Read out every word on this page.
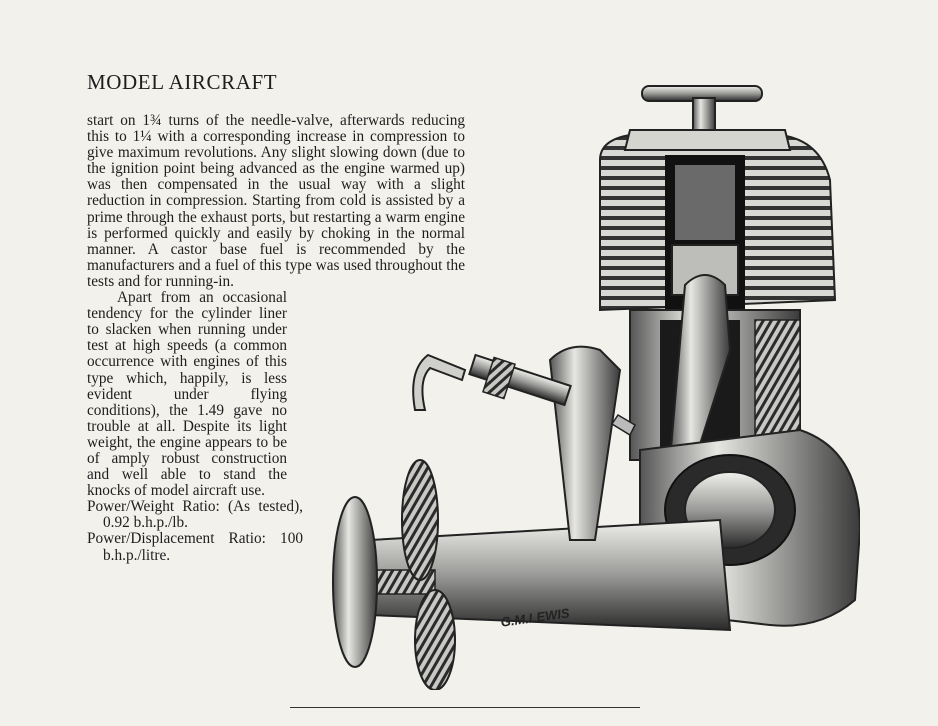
MODEL AIRCRAFT

start on 1¾ turns of the needle-valve, afterwards reducing this to 1¼ with a corresponding increase in compression to give maximum revolutions. Any slight slowing down (due to the ignition point being advanced as the engine warmed up) was then compensated in the usual way with a slight reduction in compression. Starting from cold is assisted by a prime through the exhaust ports, but restarting a warm engine is performed quickly and easily by choking in the normal manner. A castor base fuel is recommended by the manufacturers and a fuel of this type was used throughout the tests and for running-in.

Apart from an occasional tendency for the cylinder liner to slacken when running under test at high speeds (a common occurrence with engines of this type which, happily, is less evident under flying conditions), the 1.49 gave no trouble at all. Despite its light weight, the engine appears to be of amply robust construction and well able to stand the knocks of model aircraft use.

Power/Weight Ratio: (As tested), 0.92 b.h.p./lb.

Power/Displacement Ratio: 100 b.h.p./litre.

G.M.LEWIS
